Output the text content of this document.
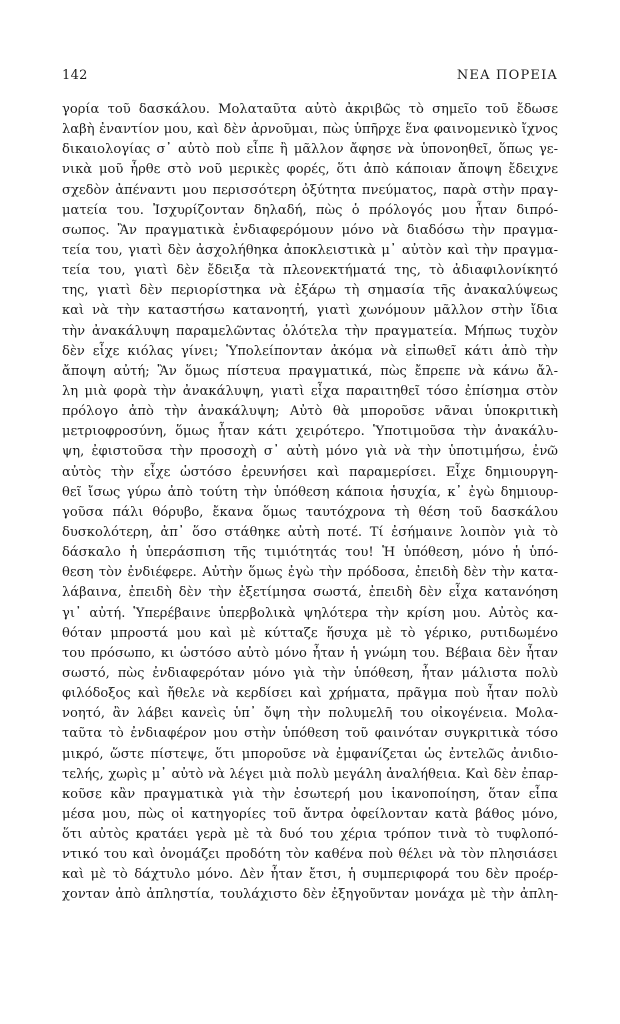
142	ΝΕΑ ΠΟΡΕΙΑ
γορία τοῦ δασκάλου. Μολαταῦτα αὐτὸ ἀκριβῶς τὸ σημεῖο τοῦ ἔδωσε
λαβὴ ἐναντίον μου, καὶ δὲν ἀρνοῦμαι, πὼς ὑπῆρχε ἕνα φαινομενικὸ ἴχνος
δικαιολογίας σ᾽ αὐτὸ ποὺ εἶπε ἢ μᾶλλον ἄφησε νὰ ὑπονοηθεῖ, ὅπως γε-
νικὰ μοῦ ἦρθε στὸ νοῦ μερικὲς φορές, ὅτι ἀπὸ κάποιαν ἄποψη ἔδειχνε
σχεδὸν ἀπέναντι μου περισσότερη ὀξύτητα πνεύματος, παρὰ στὴν πραγ-
ματεία του. Ἰσχυρίζονταν δηλαδή, πὼς ὁ πρόλογός μου ἦταν διπρό-
σωπος. Ἂν πραγματικὰ ἐνδιαφερόμουν μόνο νὰ διαδόσω τὴν πραγμα-
τεία του, γιατὶ δὲν ἀσχολήθηκα ἀποκλειστικὰ μ᾽ αὐτὸν καὶ τὴν πραγμα-
τεία του, γιατὶ δὲν ἔδειξα τὰ πλεονεκτήματά της, τὸ ἀδιαφιλονίκητό
της, γιατὶ δὲν περιορίστηκα νὰ ἐξάρω τὴ σημασία τῆς ἀνακαλύψεως
καὶ νὰ τὴν καταστήσω κατανοητή, γιατὶ χωνόμουν μᾶλλον στὴν ἴδια
τὴν ἀνακάλυψη παραμελῶντας ὁλότελα τὴν πραγματεία. Μήπως τυχὸν
δὲν εἶχε κιόλας γίνει; Ὑπολείπονταν ἀκόμα νὰ εἰπωθεῖ κάτι ἀπὸ τὴν
ἄποψη αὐτή; Ἂν ὅμως πίστευα πραγματικά, πὼς ἔπρεπε νὰ κάνω ἄλ-
λη μιὰ φορὰ τὴν ἀνακάλυψη, γιατὶ εἶχα παραιτηθεῖ τόσο ἐπίσημα στὸν
πρόλογο ἀπὸ τὴν ἀνακάλυψη; Αὐτὸ θὰ μποροῦσε νᾶναι ὑποκριτικὴ
μετριοφροσύνη, ὅμως ἦταν κάτι χειρότερο. Ὑποτιμοῦσα τὴν ἀνακάλυ-
ψη, ἐφιστοῦσα τὴν προσοχὴ σ᾽ αὐτὴ μόνο γιὰ νὰ τὴν ὑποτιμήσω, ἐνῶ
αὐτὸς τὴν εἶχε ὡστόσο ἐρευνήσει καὶ παραμερίσει. Εἶχε δημιουργη-
θεῖ ἴσως γύρω ἀπὸ τούτη τὴν ὑπόθεση κάποια ἡσυχία, κ᾽ ἐγὼ δημιουρ-
γοῦσα πάλι θόρυβο, ἔκανα ὅμως ταυτόχρονα τὴ θέση τοῦ δασκάλου
δυσκολότερη, ἀπ᾽ ὅσο στάθηκε αὐτὴ ποτέ. Τί ἐσήμαινε λοιπὸν γιὰ τὸ
δάσκαλο ἡ ὑπεράσπιση τῆς τιμιότητάς του! Ἡ ὑπόθεση, μόνο ἡ ὑπό-
θεση τὸν ἐνδιέφερε. Αὐτὴν ὅμως ἐγὼ τὴν πρόδοσα, ἐπειδὴ δὲν τὴν κατα-
λάβαινα, ἐπειδὴ δὲν τὴν ἐξετίμησα σωστά, ἐπειδὴ δὲν εἶχα κατανόηση
γι᾽ αὐτή. Ὑπερέβαινε ὑπερβολικὰ ψηλότερα τὴν κρίση μου. Αὐτὸς κα-
θόταν μπροστά μου καὶ μὲ κύτταζε ἥσυχα μὲ τὸ γέρικο, ρυτιδωμένο
του πρόσωπο, κι ὡστόσο αὐτὸ μόνο ἦταν ἡ γνώμη του. Βέβαια δὲν ἦταν
σωστό, πὼς ἐνδιαφερόταν μόνο γιὰ τὴν ὑπόθεση, ἦταν μάλιστα πολὺ
φιλόδοξος καὶ ἤθελε νὰ κερδίσει καὶ χρήματα, πρᾶγμα ποὺ ἦταν πολὺ
νοητό, ἂν λάβει κανεὶς ὑπ᾽ ὄψη τὴν πολυμελῆ του οἰκογένεια. Μολα-
ταῦτα τὸ ἐνδιαφέρον μου στὴν ὑπόθεση τοῦ φαινόταν συγκριτικὰ τόσο
μικρό, ὥστε πίστεψε, ὅτι μποροῦσε νὰ ἐμφανίζεται ὡς ἐντελῶς ἀνιδιο-
τελής, χωρὶς μ᾽ αὐτὸ νὰ λέγει μιὰ πολὺ μεγάλη ἀναλήθεια. Καὶ δὲν ἐπαρ-
κοῦσε κἂν πραγματικὰ γιὰ τὴν ἐσωτερή μου ἱκανοποίηση, ὅταν εἶπα
μέσα μου, πὼς οἱ κατηγορίες τοῦ ἄντρα ὀφείλονταν κατὰ βάθος μόνο,
ὅτι αὐτὸς κρατάει γερὰ μὲ τὰ δυό του χέρια τρόπον τινὰ τὸ τυφλοπό-
ντικό του καὶ ὀνομάζει προδότη τὸν καθένα ποὺ θέλει νὰ τὸν πλησιάσει
καὶ μὲ τὸ δάχτυλο μόνο. Δὲν ἦταν ἔτσι, ἡ συμπεριφορά του δὲν προέρ-
χονταν ἀπὸ ἀπληστία, τουλάχιστο δὲν ἐξηγοῦνταν μονάχα μὲ τὴν ἀπλη-
